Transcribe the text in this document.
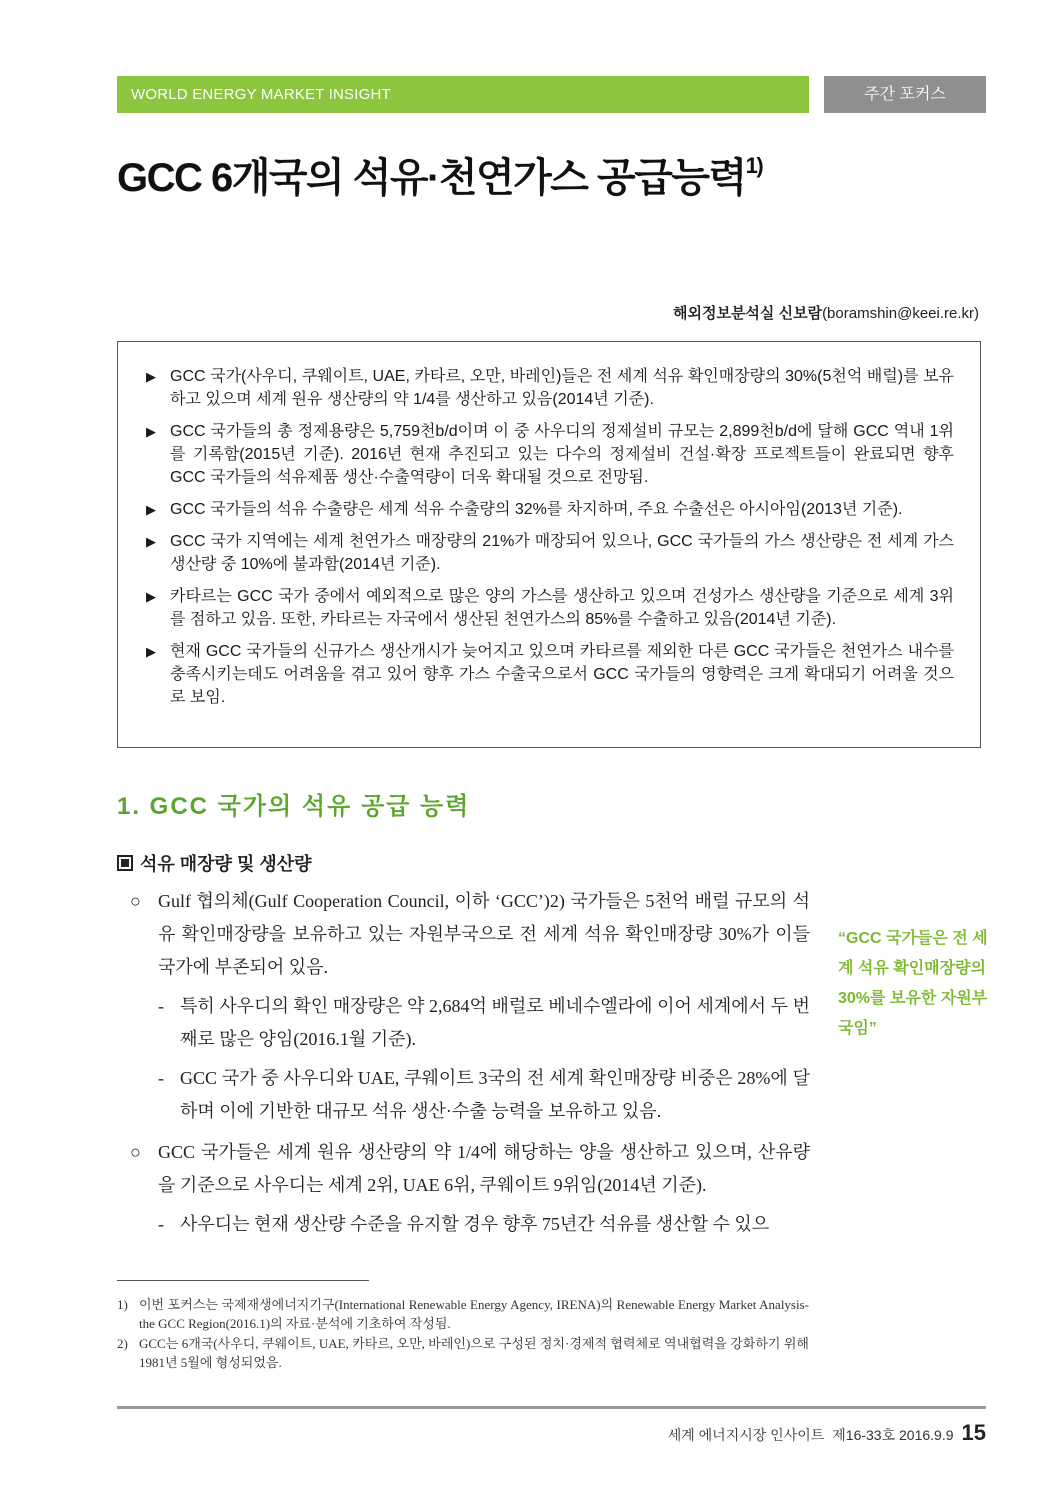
WORLD ENERGY MARKET INSIGHT	주간 포커스
GCC 6개국의 석유·천연가스 공급능력$^{1)}$
해외정보분석실 신보람(boramshin@keei.re.kr)
▶ GCC 국가(사우디, 쿠웨이트, UAE, 카타르, 오만, 바레인)들은 전 세계 석유 확인매장량의 30%(5천억 배럴)를 보유하고 있으며 세계 원유 생산량의 약 1/4를 생산하고 있음(2014년 기준).
▶ GCC 국가들의 총 정제용량은 5,759천b/d이며 이 중 사우디의 정제설비 규모는 2,899천b/d에 달해 GCC 역내 1위를 기록함(2015년 기준). 2016년 현재 추진되고 있는 다수의 정제설비 건설·확장 프로젝트들이 완료되면 향후 GCC 국가들의 석유제품 생산·수출역량이 더욱 확대될 것으로 전망됨.
▶ GCC 국가들의 석유 수출량은 세계 석유 수출량의 32%를 차지하며, 주요 수출선은 아시아임(2013년 기준).
▶ GCC 국가 지역에는 세계 천연가스 매장량의 21%가 매장되어 있으나, GCC 국가들의 가스 생산량은 전 세계 가스 생산량 중 10%에 불과함(2014년 기준).
▶ 카타르는 GCC 국가 중에서 예외적으로 많은 양의 가스를 생산하고 있으며 건성가스 생산량을 기준으로 세계 3위를 점하고 있음. 또한, 카타르는 자국에서 생산된 천연가스의 85%를 수출하고 있음(2014년 기준).
▶ 현재 GCC 국가들의 신규가스 생산개시가 늦어지고 있으며 카타르를 제외한 다른 GCC 국가들은 천연가스 내수를 충족시키는데도 어려움을 겪고 있어 향후 가스 수출국으로서 GCC 국가들의 영향력은 크게 확대되기 어려울 것으로 보임.
1. GCC 국가의 석유 공급 능력
석유 매장량 및 생산량
○ Gulf 협의체(Gulf Cooperation Council, 이하 ‘GCC’)2) 국가들은 5천억 배럴 규모의 석유 확인매장량을 보유하고 있는 자원부국으로 전 세계 석유 확인매장량 30%가 이들 국가에 부존되어 있음.
- 특히 사우디의 확인 매장량은 약 2,684억 배럴로 베네수엘라에 이어 세계에서 두 번째로 많은 양임(2016.1월 기준).
- GCC 국가 중 사우디와 UAE, 쿠웨이트 3국의 전 세계 확인매장량 비중은 28%에 달하며 이에 기반한 대규모 석유 생산·수출 능력을 보유하고 있음.
○ GCC 국가들은 세계 원유 생산량의 약 1/4에 해당하는 양을 생산하고 있으며, 산유량을 기준으로 사우디는 세계 2위, UAE 6위, 쿠웨이트 9위임(2014년 기준).
- 사우디는 현재 생산량 수준을 유지할 경우 향후 75년간 석유를 생산할 수 있으
“GCC 국가들은 전 세계 석유 확인매장량의 30%를 보유한 자원부국임”
1) 이번 포커스는 국제재생에너지기구(International Renewable Energy Agency, IRENA)의 Renewable Energy Market Analysis-the GCC Region(2016.1)의 자료·분석에 기초하여 작성됨.
2) GCC는 6개국(사우디, 쿠웨이트, UAE, 카타르, 오만, 바레인)으로 구성된 정치·경제적 협력체로 역내협력을 강화하기 위해 1981년 5월에 형성되었음.
세계 에너지시장 인사이트 제16-33호 2016.9.9 15
